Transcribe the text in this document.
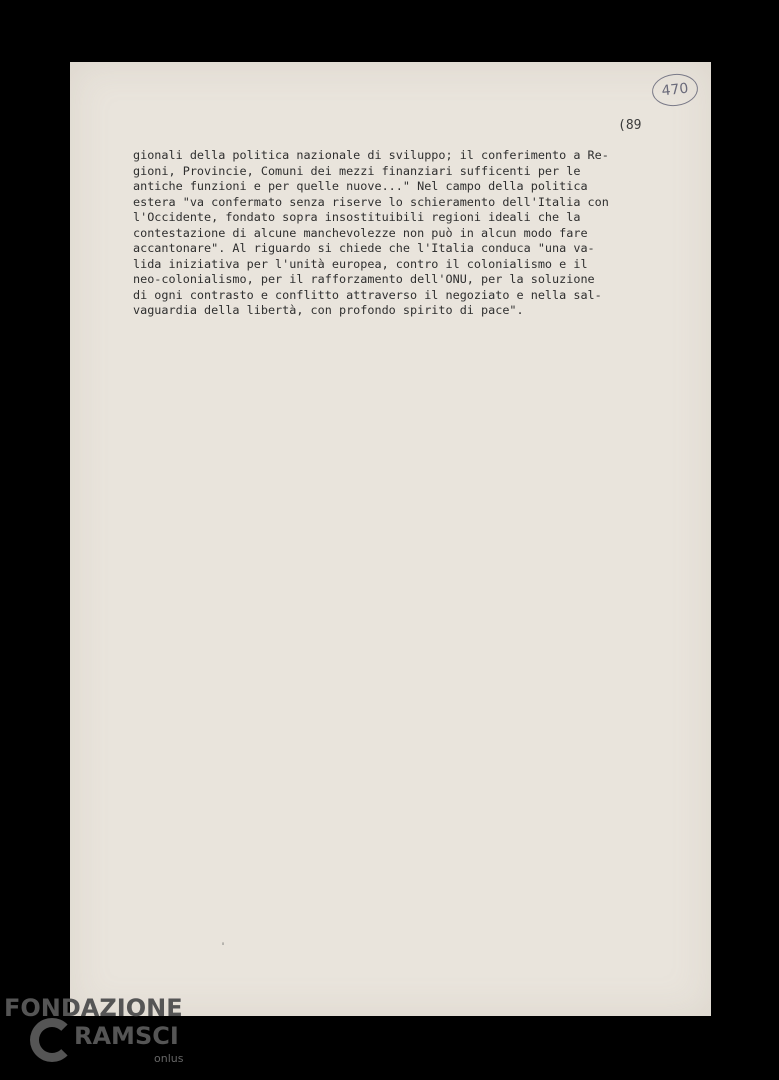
470
(89
gionali della politica nazionale di sviluppo; il conferimento a Re-
gioni, Provincie, Comuni dei mezzi finanziari sufficenti per le
antiche funzioni e per quelle nuove..." Nel campo della politica
estera "va confermato senza riserve lo schieramento dell'Italia con
l'Occidente, fondato sopra insostituibili regioni ideali che la
contestazione di alcune manchevolezze non può in alcun modo fare
accantonare". Al riguardo si chiede che l'Italia conduca "una va-
lida iniziativa per l'unità europea, contro il colonialismo e il
neo-colonialismo, per il rafforzamento dell'ONU, per la soluzione
di ogni contrasto e conflitto attraverso il negoziato e nella sal-
vaguardia della libertà, con profondo spirito di pace".
ˈ
FONDAZIONE
RAMSCI
onlus
